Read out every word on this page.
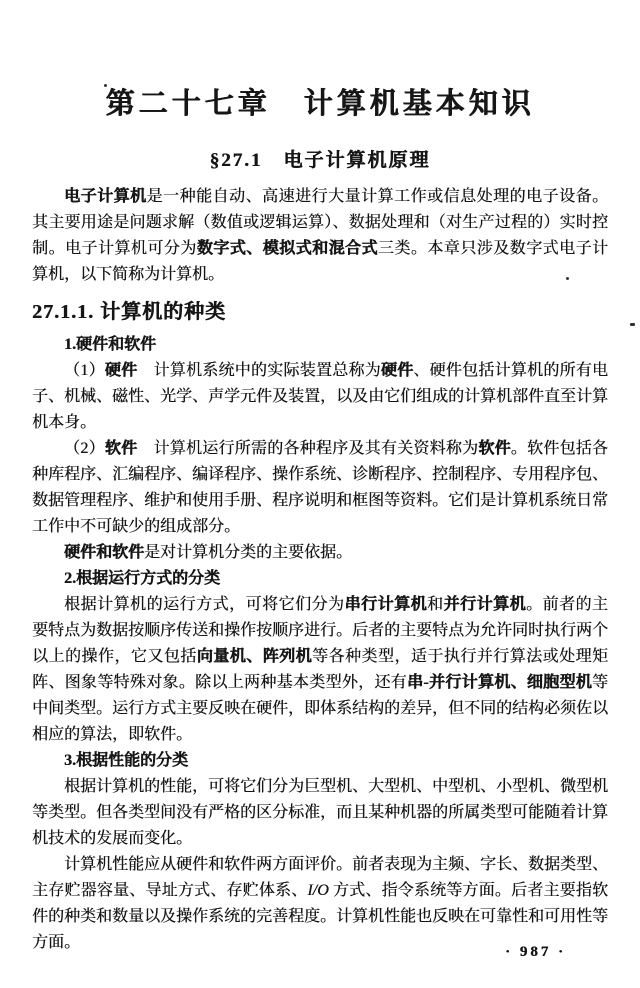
第二十七章　计算机基本知识
§27.1　电子计算机原理

电子计算机是一种能自动、高速进行大量计算工作或信息处理的电子设备。其主要用途是问题求解（数值或逻辑运算）、数据处理和（对生产过程的）实时控制。电子计算机可分为数字式、模拟式和混合式三类。本章只涉及数字式电子计算机，以下简称为计算机。

27.1.1. 计算机的种类

1.硬件和软件

（1）硬件　计算机系统中的实际装置总称为硬件、硬件包括计算机的所有电子、机械、磁性、光学、声学元件及装置，以及由它们组成的计算机部件直至计算机本身。

（2）软件　计算机运行所需的各种程序及其有关资料称为软件。软件包括各种库程序、汇编程序、编译程序、操作系统、诊断程序、控制程序、专用程序包、数据管理程序、维护和使用手册、程序说明和框图等资料。它们是计算机系统日常工作中不可缺少的组成部分。

硬件和软件是对计算机分类的主要依据。

2.根据运行方式的分类

根据计算机的运行方式，可将它们分为串行计算机和并行计算机。前者的主要特点为数据按顺序传送和操作按顺序进行。后者的主要特点为允许同时执行两个以上的操作，它又包括向量机、阵列机等各种类型，适于执行并行算法或处理矩阵、图象等特殊对象。除以上两种基本类型外，还有串-并行计算机、细胞型机等中间类型。运行方式主要反映在硬件，即体系结构的差异，但不同的结构必须佐以相应的算法，即软件。

3.根据性能的分类

根据计算机的性能，可将它们分为巨型机、大型机、中型机、小型机、微型机等类型。但各类型间没有严格的区分标准，而且某种机器的所属类型可能随着计算机技术的发展而变化。

计算机性能应从硬件和软件两方面评价。前者表现为主频、字长、数据类型、主存贮器容量、导址方式、存贮体系、I/O 方式、指令系统等方面。后者主要指软件的种类和数量以及操作系统的完善程度。计算机性能也反映在可靠性和可用性等方面。

· 987 ·
